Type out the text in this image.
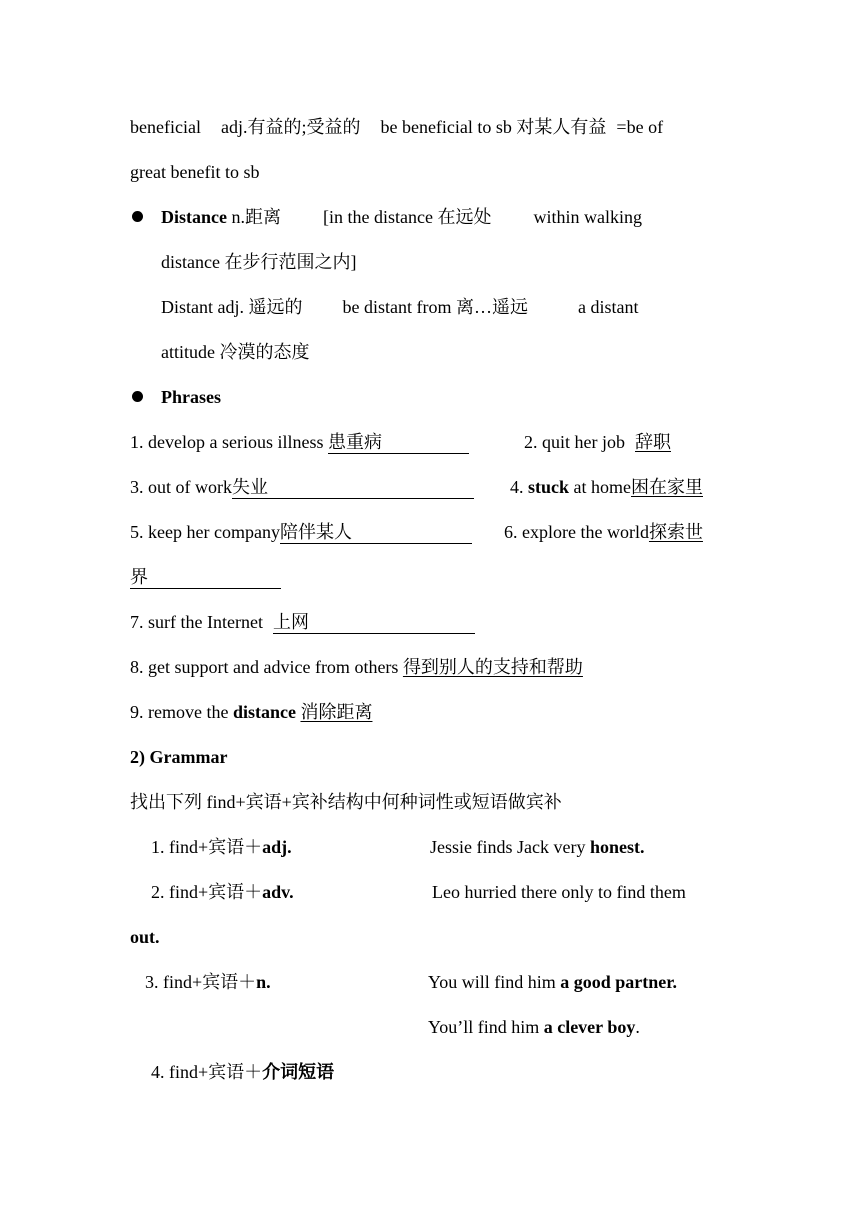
beneficial adj.有益的;受益的 be beneficial to sb 对某人有益 =be of
great benefit to sb
Distance n.距离 [in the distance 在远处 within walking
distance 在步行范围之内]
Distant adj. 遥远的 be distant from 离…遥远	a distant
attitude 冷漠的态度
Phrases
1. develop a serious illness 患重病	2. quit her job 辞职
3. out of work失业	4. stuck at home困在家里
5. keep her company陪伴某人	6. explore the world探索世
界
7. surf the Internet 上网
8. get support and advice from others 得到别人的支持和帮助
9. remove the distance 消除距离
2) Grammar
找出下列 find+宾语+宾补结构中何种词性或短语做宾补
1. find+宾语＋adj.	Jessie finds Jack very honest.
2. find+宾语＋adv.	Leo hurried there only to find them
out.
3. find+宾语＋n.	You will find him a good partner.
You’ll find him a clever boy.
4. find+宾语＋介词短语
